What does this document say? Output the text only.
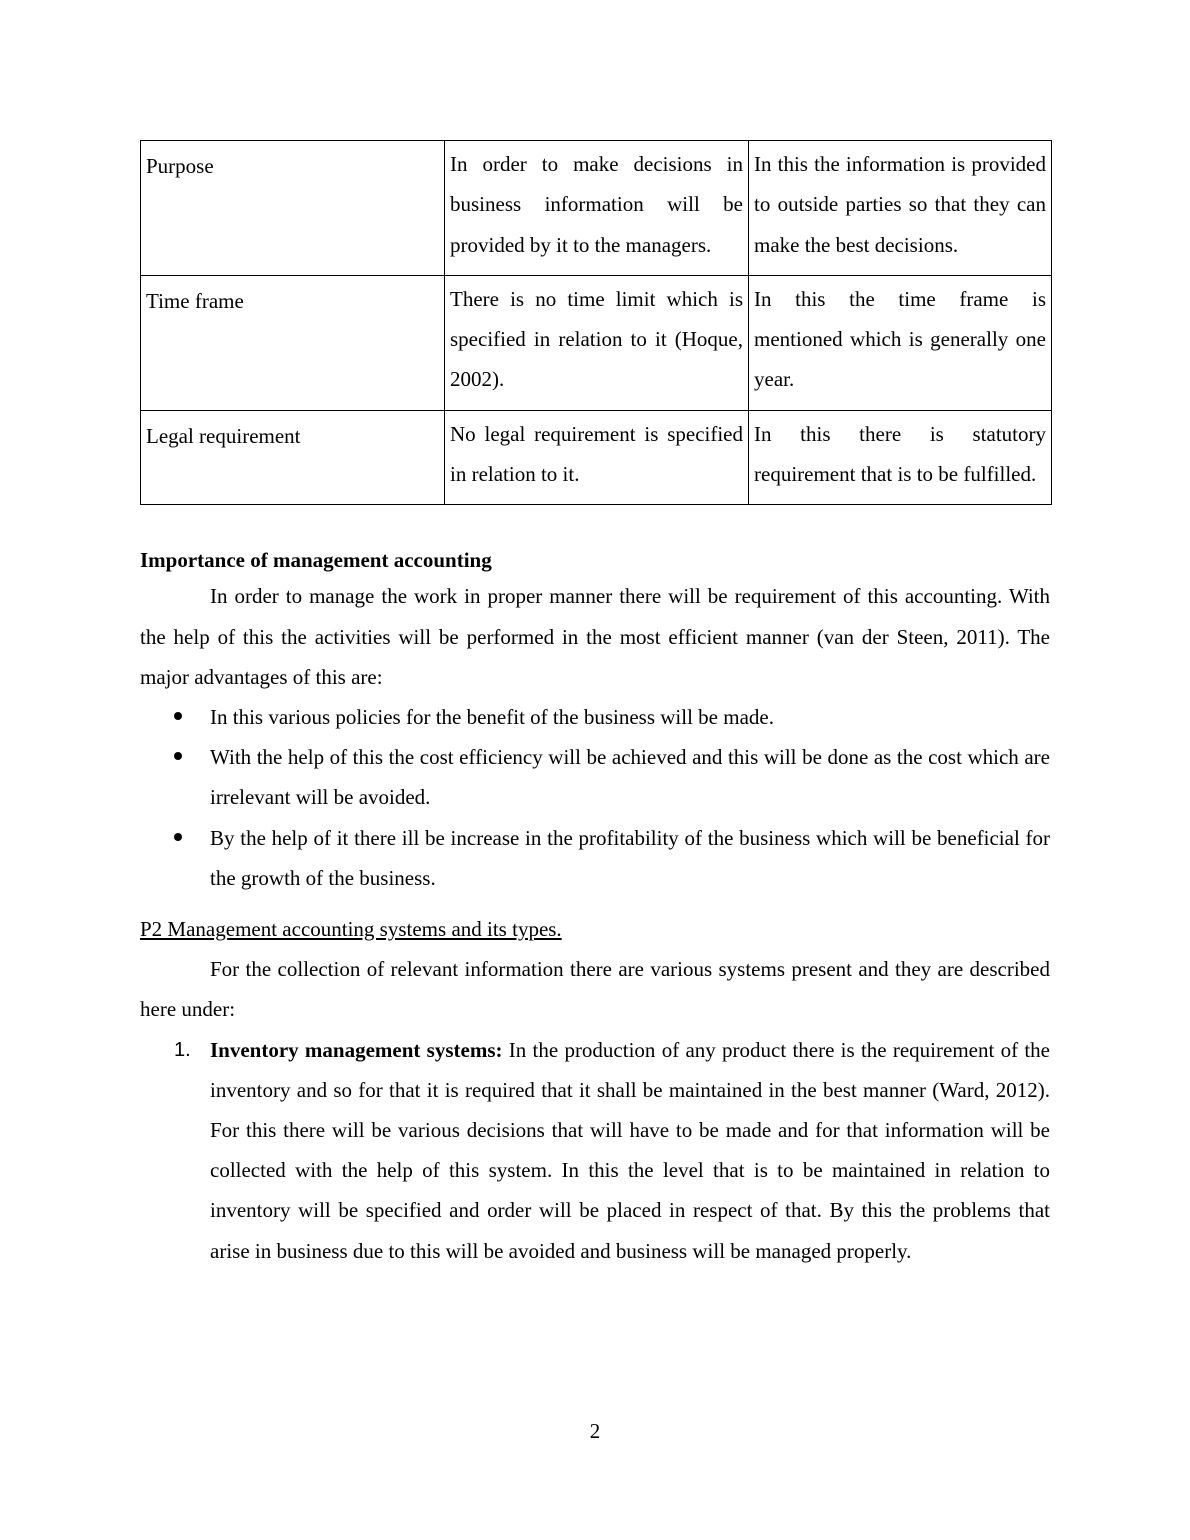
Purpose	In order to make decisions in business information will be provided by it to the managers.	In this the information is provided to outside parties so that they can make the best decisions.
Time frame	There is no time limit which is specified in relation to it (Hoque, 2002).	In this the time frame is mentioned which is generally one year.
Legal requirement	No legal requirement is specified in relation to it.	In this there is statutory requirement that is to be fulfilled.
Importance of management accounting

In order to manage the work in proper manner there will be requirement of this accounting. With the help of this the activities will be performed in the most efficient manner (van der Steen, 2011). The major advantages of this are:

In this various policies for the benefit of the business will be made.
With the help of this the cost efficiency will be achieved and this will be done as the cost which are irrelevant will be avoided.
By the help of it there ill be increase in the profitability of the business which will be beneficial for the growth of the business.

P2 Management accounting systems and its types.

For the collection of relevant information there are various systems present and they are described here under:

1. Inventory management systems: In the production of any product there is the requirement of the inventory and so for that it is required that it shall be maintained in the best manner (Ward, 2012). For this there will be various decisions that will have to be made and for that information will be collected with the help of this system. In this the level that is to be maintained in relation to inventory will be specified and order will be placed in respect of that. By this the problems that arise in business due to this will be avoided and business will be managed properly.
2
